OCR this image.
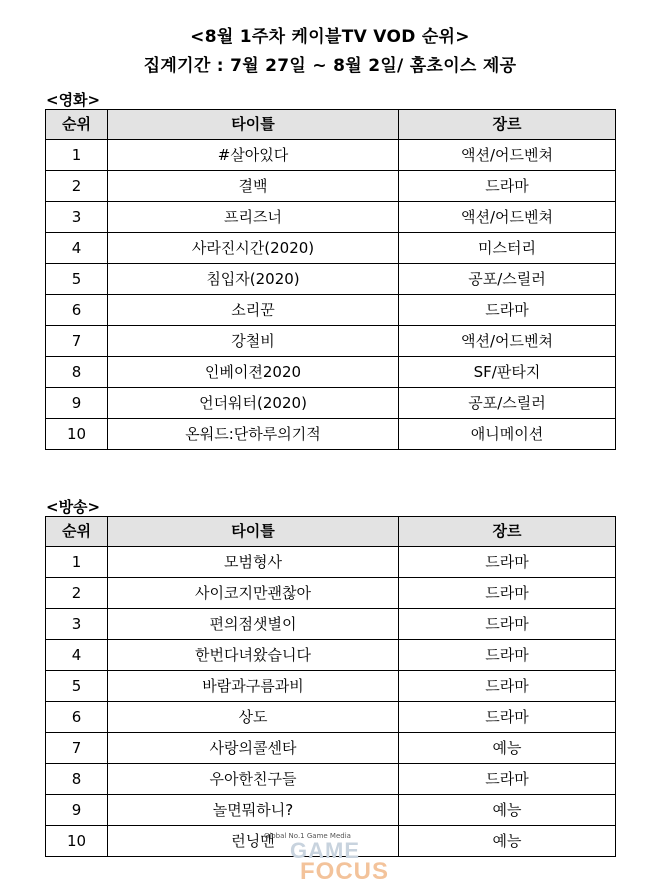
<8월 1주차 케이블TV VOD 순위>
집계기간 : 7월 27일 ~ 8월 2일/ 홈초이스 제공
<영화>
순위	타이틀	장르
1	#살아있다	액션/어드벤쳐
2	결백	드라마
3	프리즈너	액션/어드벤쳐
4	사라진시간(2020)	미스터리
5	침입자(2020)	공포/스릴러
6	소리꾼	드라마
7	강철비	액션/어드벤쳐
8	인베이젼2020	SF/판타지
9	언더워터(2020)	공포/스릴러
10	온워드:단하루의기적	애니메이션
<방송>
순위	타이틀	장르
1	모범형사	드라마
2	사이코지만괜찮아	드라마
3	편의점샛별이	드라마
4	한번다녀왔습니다	드라마
5	바람과구름과비	드라마
6	상도	드라마
7	사랑의콜센타	예능
8	우아한친구들	드라마
9	놀면뭐하니?	예능
10	런닝맨	예능
Global No.1 Game Media
GAME
FOCUS
